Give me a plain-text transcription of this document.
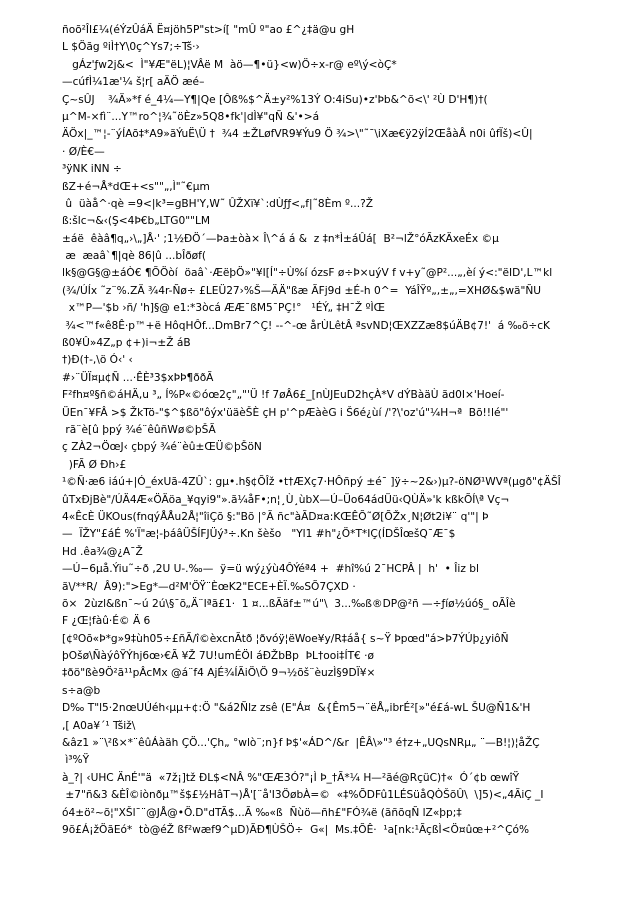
ñoõ²ÎI£¼(éÝzÛáÄ Ë¤jöh5P"st>í[ "mÛ º"ao £^¿‡ä@u gH
L $Öãg ºiÌ†Y\0ç^Ys7;÷Tš·›
gÁz'ƒw2j&<  Ì"¥Æ"ëL)¦VÂë M  àö—¶•ü}<w)Ö÷x-r@ eº\ý<òÇ*
—cúfÌ¼1æ'¼ š¦r[ aÄÖ æé–
Ç~sÛJ    ¾Ä»*f é_4¼—Y¶|Qe [Ôß%$^Ä±y²%13Ý O:4iSu)•z'Þb&^õ<\' ²Ù D'H¶)†(
µ^M-×fì¨...Y™ro^¦¾˜öÈz»5Q8•fk'|dÌ¥"qÑ &'•>á
ÄÖx|_™¦-¨ýÍAõ‡*A9»ãÝuË\Ü †  ¾4 ±ŽLøfVR9¥Ýu9 Ö ¾>\"˜¯\iXæ€ÿ2ÿÍ2ŒåàÂ n0i ûfÏš)<Û|
· Ø/È€—
³ÿNK iNN ÷
ßZ+é¬Å*dŒ+<s""„,Ì"˜€µm
û  üàå^·qè =9<|k³=gBH'Y,W˜ ÛŽXï¥`:dÙƒƒ<„f|˜8Èm º...?Ž
ß:šlc¬&‹(Ş<4Þ€b„LTG0""LM
±áë  êàâ¶q„›\„]Å·' ;1½ÐÖ´—Þa±òà× Î\^á á &  z ‡n*Ì±áÛá[  B²¬lŽ°óÃzKÄxeÉx ©µ
æ  æaâ`¶|qè 86|û ...bÎðøf(
lk§@G§@±áÒ€ ¶ÕÖòí  öaâ`·ÆëþÖ»"¥I[Í"÷Ù%í ózsF ø÷Þ×uýV f v+y˜@P²...„,èí ý<:"ëID',L™kl
(¾/ÚÍx ˜z¨%.ZÄ ¾4r-Ñø÷ £LEÜ27›%Š—ÄÄ"ßæ ÃFj9d ±É-h 0^=  YáÎŸº„,±„,=XHØ&$wä"ÑU
x™P—'$b ›ñ/ 'h]§@ e1:*3òcá ÆÆ¯ßM5¯PÇ!°   ¹ÉÝ„ ‡H¯Ž ºÌŒ
¾<™f«ê8Ê·p™+ë HôqHÔf...DmBr7^Ç! --^-œ årÙLêtÂ ªsvND¦ŒXZZæ8$úÄB¢7!'  á ‰ö÷cK
ß0¥Û»4Z„p ¢+)i¬±Ž áB
†)Ð(†-,\ö Ó‹' ‹
#›¨ÜÏ¤µ¢Ñ ...·ÊÈ³3$xÞÞ¶ððÃ
F²fh¤º§ñ©áHÄ,u ³„ Í%P«©óœ2ç"„"'Ü !f 7øÂ6£_[nÙJEuD2hçÀ*V dÝBàäÙ ãd0I×'Hoeí-
ÜEn¯¥FÂ >$ ŽkTö-"$^$ßõ"ôýx'üäèŠÈ çH p'^pÆàèG i Š6é¿ùí /'?\'oz'ú"¼H¬ª  Bõ!!lé"'
rã¨è[û þpý ¾é¨êûñWø©þŠÃ
ç ZÀ2¬ÖœJ‹ çbpý ¾é¨èû±ŒÜ©þŠöN
)FÃ Ø Ðh›£
¹©Ñ·æ6 iáú+|Ó_éxUã-4ZÛ`: gµ•.h§¢ÕÎž •t†ÆXç7·HÔñpý ±é¯ ]ÿ÷~2&›)µ?-öNØ¹WVª(µgð"¢ÄŠÎ
ûTxÐjBè"/ÚÄ4Æ«ÖÄöa_¥qyi9"».ã¼åF•;n¦¸Ù¸ùbX—Ú–Üo64ádÜü‹QÙÄ»'k kßkÕÍ\ª Vç¬
4«ÊcÈ ÜKOus(fnqýÅÅu2Å¦"îiÇõ §:"Bõ |°Ã ñc"àÃD¤a:KŒÊÕ˜Ø[ÕŽx¸N¦Øt2i¥¨ q'"| Þ
—  ÏŽY"£áÉ %'Ï"æ¦-þáâÜŠÍFJÜý³÷.Kn šèšo   "Yl1 #h"¿Ö*T*IÇ(ÍDŠÎœšQ¯Æ¯$
Hd .êa¾@¿A¯Ž
—Ú−6µå.Ýiu˜÷ð ,2U U-.‰—  ÿ=ü wý¿ýù4ÔÝéª4 +  #hî%ú 2¯HCPÂ |  h'  • Îiz bl
ã\/**R/  Â9):">Eg*—d²M'ÖŸ¨ÈœK2"ECE+ÈÏ.‰SÕ7ÇXD ·
õ×  2ùzl&ßn¯~ú 2ú\§¯õ„Ä¨Iªã£1·  1 ¤...ßÃäf±™ú"\  3...‰ß®DP@²ñ —÷ƒíø½úó§_ oÃÎè
F ¿Œ¦fàû·É© Ä 6
[¢ºOõ«Þ*g»9‡ùh05÷£ñÃ/î©èxcnÃtð ¦ðvóÿ¦ëWoe¥y/R‡áå{ s~Ÿ Þpœd"á>Þ7ÝÚþ¿yiôÑ
þOšø\ÑàýôŸÝhj6œ›€Ã ¥Ž 7U!umÉÖI áÐŽbBp  ÞL†ooi‡ÍT€ ·ø
‡ðö"ßè9Ö²ã¹¹pÂcMx @á¨f4 AjÉ¾ÍÃiÖ\Ö 9¬½õš¨èuzÌ§9DÏ¥×
s÷a@b
D‰ T"l5·2nœUÚéh‹µµ+¢:Ö "&á2Ñlz zsê (E"Á¤  &{Êm5¬¨ëÅ„ibrÉ²[»"é£á-wL ŠU@Ñ1&'H
,[ A0a¥´¹ Tšiž\
&âz1 »¨\²ß×*¨êûÁàäh ÇÖ...'Çh„ °wlò¨;n}f Þ$'«ÁD^/&r  |ÊÂ\»"³ é†z+„UQsNRµ„ ¨—B!¦)¦åŽÇ
ì³%Ÿ
à_?| ‹UHC ÄnÉ'"ä  «7ž¡]tž ÐL$<NÂ %"ŒÆ3Ó?"¡Ì Þ_†Ã*¼ H—²ãé@RçüC)†«  Ó´¢b œwîŸ
±7"ñ&3 &ÈÎ©iònðµ™š$£½HâT¬)Å'[¨å'I3ÖøbÀ=©  «‡%ÕDFû1LÉSüåQÒŠõÛ\  \]5)<„4ÃiÇ _I
ó4±ö²~õ¦"XŠl¯¨@JÅ@•Ö.D"dTÃ$...Ã ‰«ß  Ñùö—ñh£"FÓ¾ë (ãñõqÑ lZ«þp;‡
9õ£Á¡žÖãEó*  tò@éŽ ßf²wæf9^µD)ÃÐ¶ÙŠÖ÷  G«|  Ms.‡ÕÊ·  ¹a[nk:¹ÃçßÌ<Ö¤ûœ+²^Çó%
